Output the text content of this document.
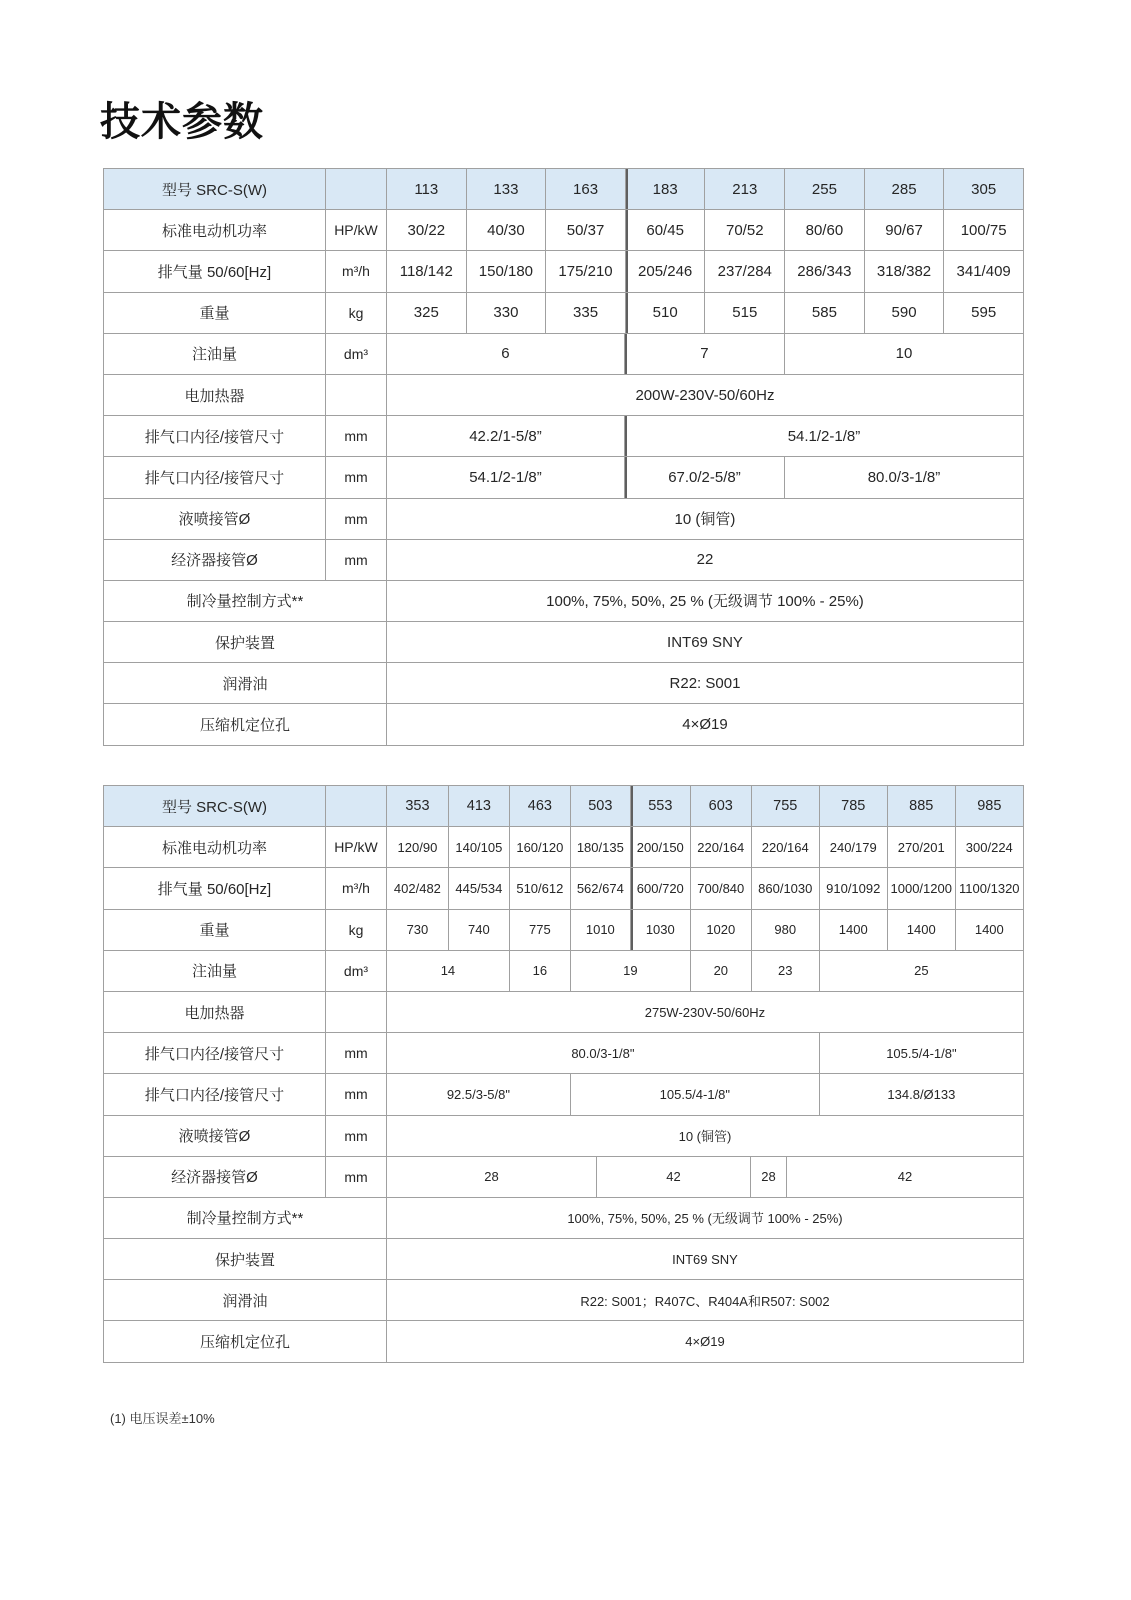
技术参数
型号 SRC-S(W)	113	133	163	183	213	255	285	305
标准电动机功率	HP/kW	30/22	40/30	50/37	60/45	70/52	80/60	90/67	100/75
排气量 50/60[Hz]	m³/h	118/142	150/180	175/210	205/246	237/284	286/343	318/382	341/409
重量	kg	325	330	335	510	515	585	590	595
注油量	dm³	6	7	10
电加热器	200W-230V-50/60Hz
排气口内径/接管尺寸	mm	42.2/1-5/8”	54.1/2-1/8”
排气口内径/接管尺寸	mm	54.1/2-1/8”	67.0/2-5/8”	80.0/3-1/8”
液喷接管Ø	mm	10 (铜管)
经济器接管Ø	mm	22
制冷量控制方式**	100%, 75%, 50%, 25 % (无级调节 100% - 25%)
保护装置	INT69 SNY
润滑油	R22: S001
压缩机定位孔	4×Ø19
型号 SRC-S(W)	353	413	463	503	553	603	755	785	885	985
标准电动机功率	HP/kW	120/90	140/105	160/120	180/135 200/150	220/164	220/164	240/179	270/201	300/224
排气量 50/60[Hz]	m³/h	402/482	445/534	510/612	562/674 600/720	700/840	860/1030	910/1092 1000/1200 1100/1320
重量	kg	730	740	775	1010	1030	1020	980	1400	1400	1400
注油量	dm³	14	16	19	20	23	25
电加热器	275W-230V-50/60Hz
排气口内径/接管尺寸	mm	80.0/3-1/8"	105.5/4-1/8"
排气口内径/接管尺寸	mm	92.5/3-5/8"	105.5/4-1/8"	134.8/Ø133
液喷接管Ø	mm	10 (铜管)
经济器接管Ø	mm	28	42	28	42
制冷量控制方式**	100%, 75%, 50%, 25 % (无级调节 100% - 25%)
保护装置	INT69 SNY
润滑油	R22: S001；R407C、R404A和R507: S002
压缩机定位孔	4×Ø19
(1) 电压误差±10%
